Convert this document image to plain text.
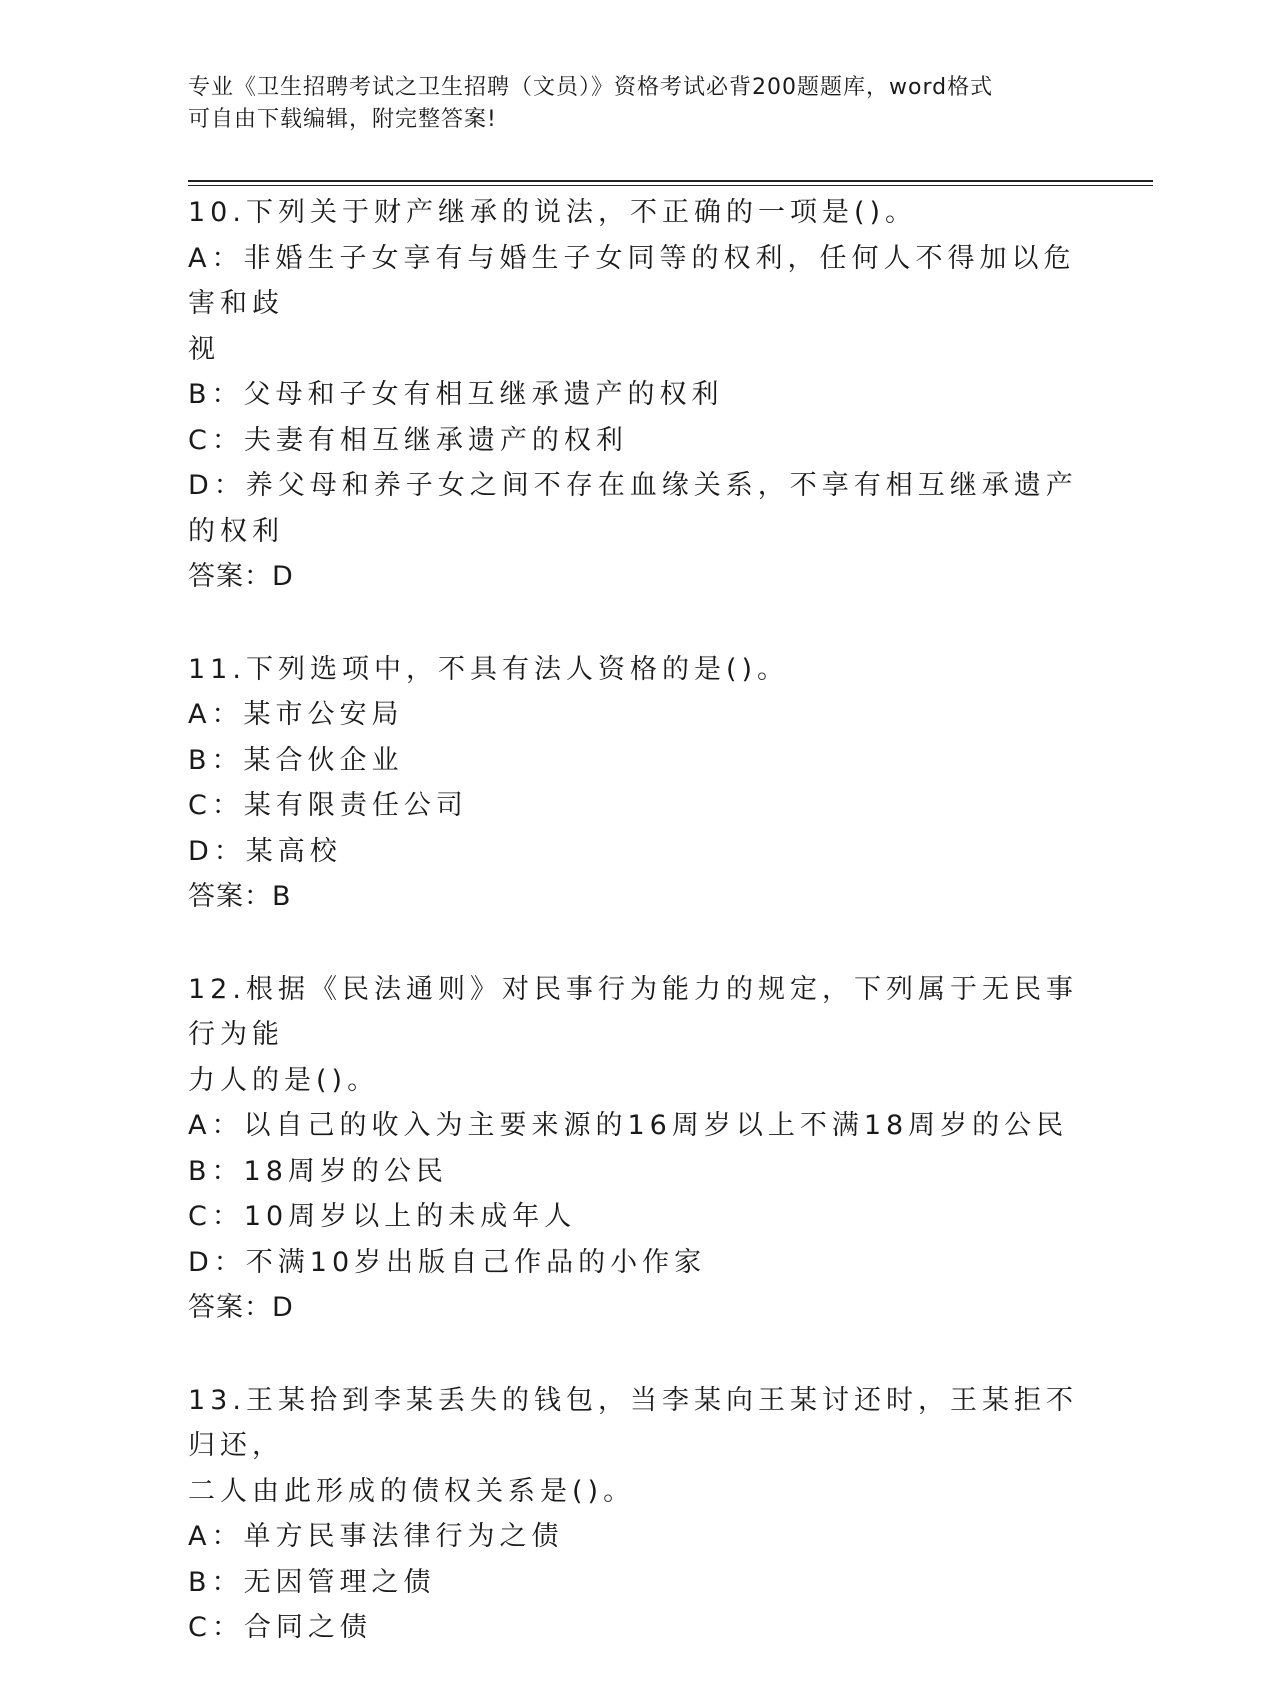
专业《卫生招聘考试之卫生招聘（文员）》资格考试必背200题题库，word格式
可自由下载编辑，附完整答案!
10.下列关于财产继承的说法，不正确的一项是()。
A：非婚生子女享有与婚生子女同等的权利，任何人不得加以危害和歧
视
B：父母和子女有相互继承遗产的权利
C：夫妻有相互继承遗产的权利
D：养父母和养子女之间不存在血缘关系，不享有相互继承遗产的权利
答案：D
11.下列选项中，不具有法人资格的是()。
A：某市公安局
B：某合伙企业
C：某有限责任公司
D：某高校
答案：B
12.根据《民法通则》对民事行为能力的规定，下列属于无民事行为能
力人的是()。
A：以自己的收入为主要来源的16周岁以上不满18周岁的公民
B：18周岁的公民
C：10周岁以上的未成年人
D：不满10岁出版自己作品的小作家
答案：D
13.王某拾到李某丢失的钱包，当李某向王某讨还时，王某拒不归还，
二人由此形成的债权关系是()。
A：单方民事法律行为之债
B：无因管理之债
C：合同之债
